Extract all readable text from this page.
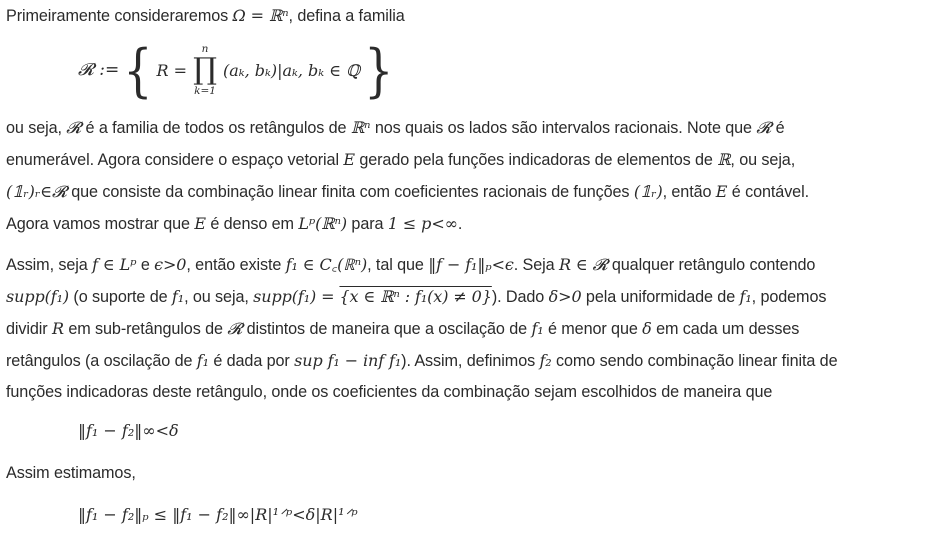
Primeiramente consideraremos Ω = ℝⁿ, defina a familia

𝓡 := { R =
n
∏
k=1
(aₖ, bₖ)|aₖ, bₖ ∈ ℚ }

ou seja, 𝓡 é a familia de todos os retângulos de ℝⁿ nos quais os lados são intervalos racionais. Note que 𝓡 é

enumerável. Agora considere o espaço vetorial E gerado pela funções indicadoras de elementos de ℝ, ou seja,

(𝟙ᵣ)ᵣ∈𝓡 que consiste da combinação linear finita com coeficientes racionais de funções (𝟙ᵣ), então E é contável.

Agora vamos mostrar que E é denso em Lᵖ(ℝⁿ) para 1 ≤ p<∞.

Assim, seja f ∈ Lᵖ e ϵ>0, então existe f₁ ∈ C꜀(ℝⁿ), tal que ‖f − f₁‖ₚ<ϵ. Seja R ∈ 𝓡 qualquer retângulo contendo

supp(f₁) (o suporte de f₁, ou seja, supp(f₁) = {x ∈ ℝⁿ : f₁(x) ≠ 0}). Dado δ>0 pela uniformidade de f₁, podemos

dividir R em sub-retângulos de 𝓡 distintos de maneira que a oscilação de f₁ é menor que δ em cada um desses

retângulos (a oscilação de f₁ é dada por sup f₁ − inf f₁). Assim, definimos f₂ como sendo combinação linear finita de

funções indicadoras deste retângulo, onde os coeficientes da combinação sejam escolhidos de maneira que

‖f₁ − f₂‖∞<δ

Assim estimamos,

‖f₁ − f₂‖ₚ ≤ ‖f₁ − f₂‖∞|R|¹ᐟᵖ<δ|R|¹ᐟᵖ
